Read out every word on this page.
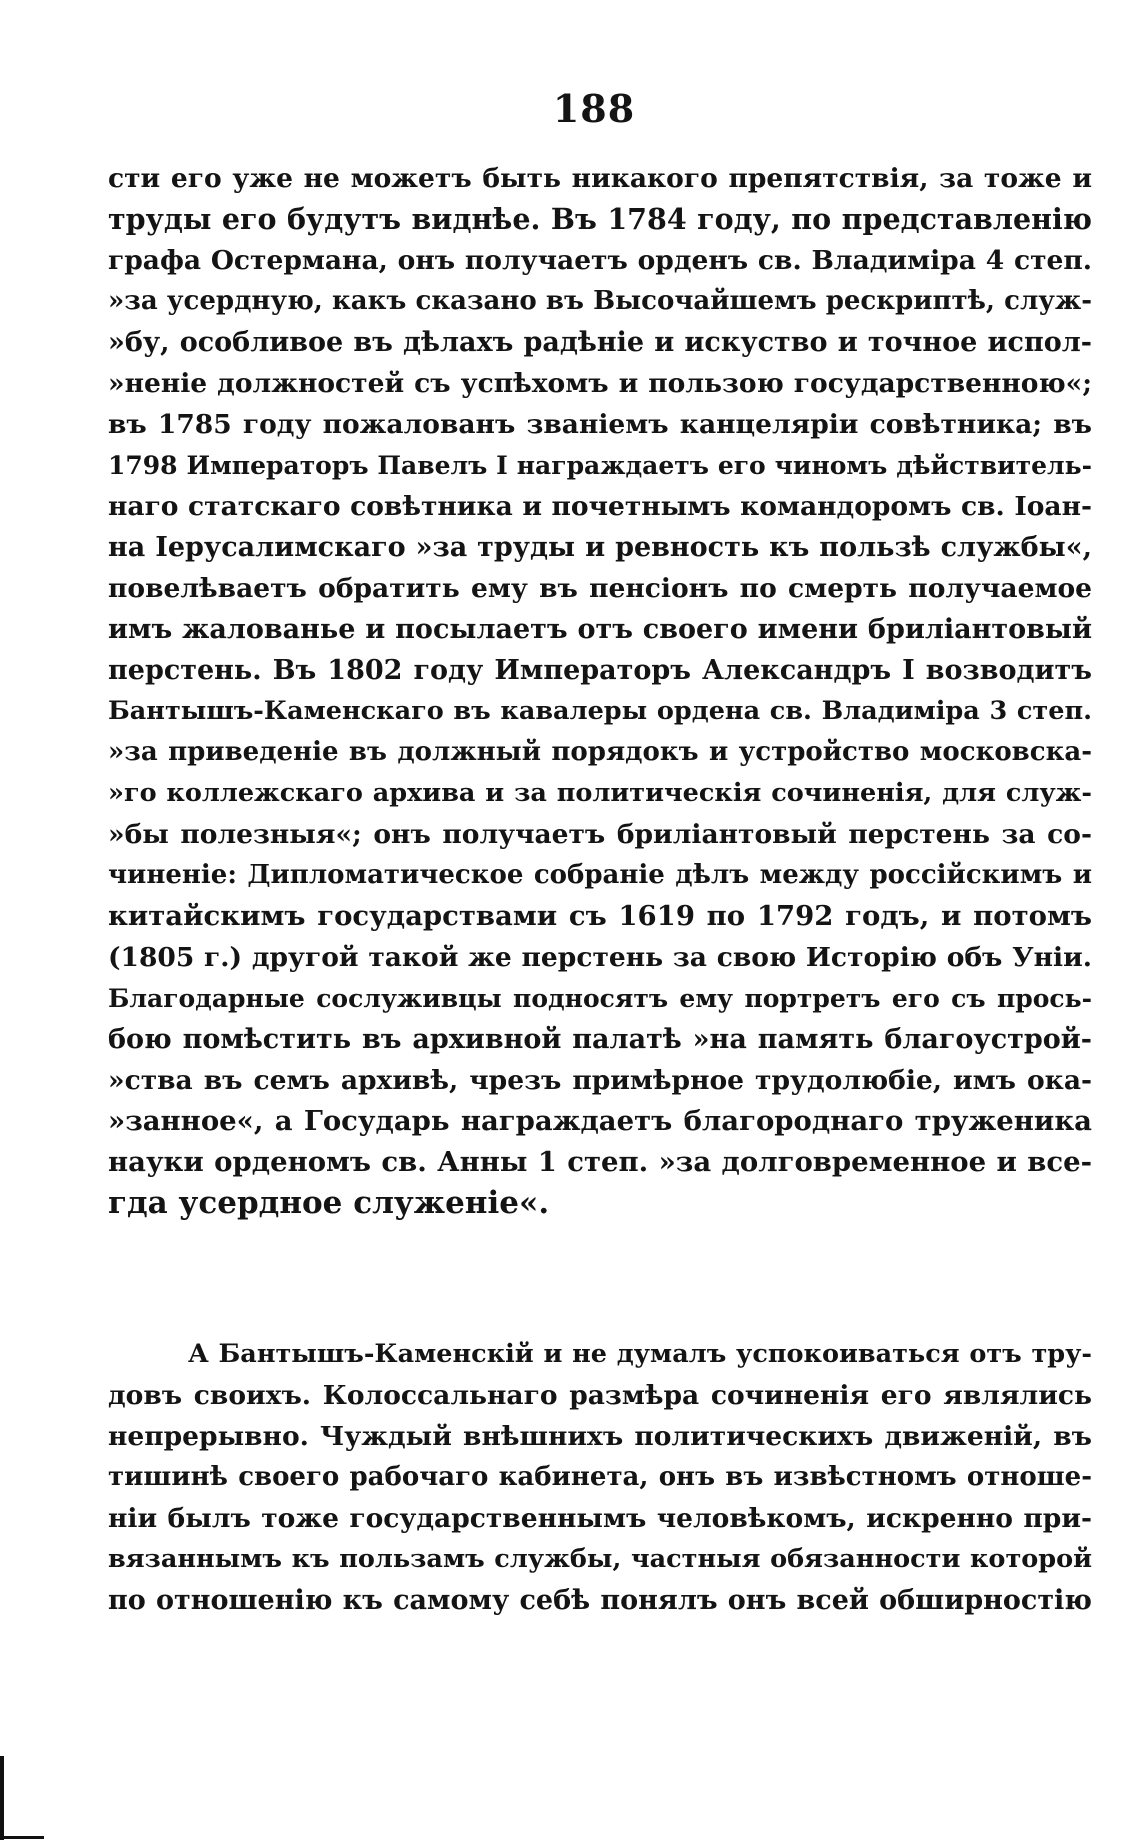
188
сти его уже не можетъ быть никакого препятствія, за тоже и
труды его будутъ виднѣе. Въ 1784 году, по представленію
графа Остермана, онъ получаетъ орденъ св. Владиміра 4 степ.
»за усердную, какъ сказано въ Высочайшемъ рескриптѣ, служ-
»бу, особливое въ дѣлахъ радѣніе и искуство и точное испол-
»неніе должностей съ успѣхомъ и пользою государственною«;
въ 1785 году пожалованъ званіемъ канцеляріи совѣтника; въ
1798 Императоръ Павелъ I награждаетъ его чиномъ дѣйствитель-
наго статскаго совѣтника и почетнымъ командоромъ св. Іоан-
на Іерусалимскаго »за труды и ревность къ пользѣ службы«,
повелѣваетъ обратить ему въ пенсіонъ по смерть получаемое
имъ жалованье и посылаетъ отъ своего имени бриліантовый
перстень. Въ 1802 году Императоръ Александръ I возводитъ
Бантышъ-Каменскаго въ кавалеры ордена св. Владиміра 3 степ.
»за приведеніе въ должный порядокъ и устройство московска-
»го коллежскаго архива и за политическія сочиненія, для служ-
»бы полезныя«; онъ получаетъ бриліантовый перстень за со-
чиненіе: Дипломатическое собраніе дѣлъ между россійскимъ и
китайскимъ государствами съ 1619 по 1792 годъ, и потомъ
(1805 г.) другой такой же перстень за свою Исторію объ Уніи.
Благодарные сослуживцы подносятъ ему портретъ его съ прось-
бою помѣстить въ архивной палатѣ »на память благоустрой-
»ства въ семъ архивѣ, чрезъ примѣрное трудолюбіе, имъ ока-
»занное«, а Государь награждаетъ благороднаго труженика
науки орденомъ св. Анны 1 степ. »за долговременное и все-
гда усердное служеніе«.
А Бантышъ-Каменскій и не думалъ успокоиваться отъ тру-
довъ своихъ. Колоссальнаго размѣра сочиненія его являлись
непрерывно. Чуждый внѣшнихъ политическихъ движеній, въ
тишинѣ своего рабочаго кабинета, онъ въ извѣстномъ отноше-
ніи былъ тоже государственнымъ человѣкомъ, искренно при-
вязаннымъ къ пользамъ службы, частныя обязанности которой
по отношенію къ самому себѣ понялъ онъ всей обширностію
